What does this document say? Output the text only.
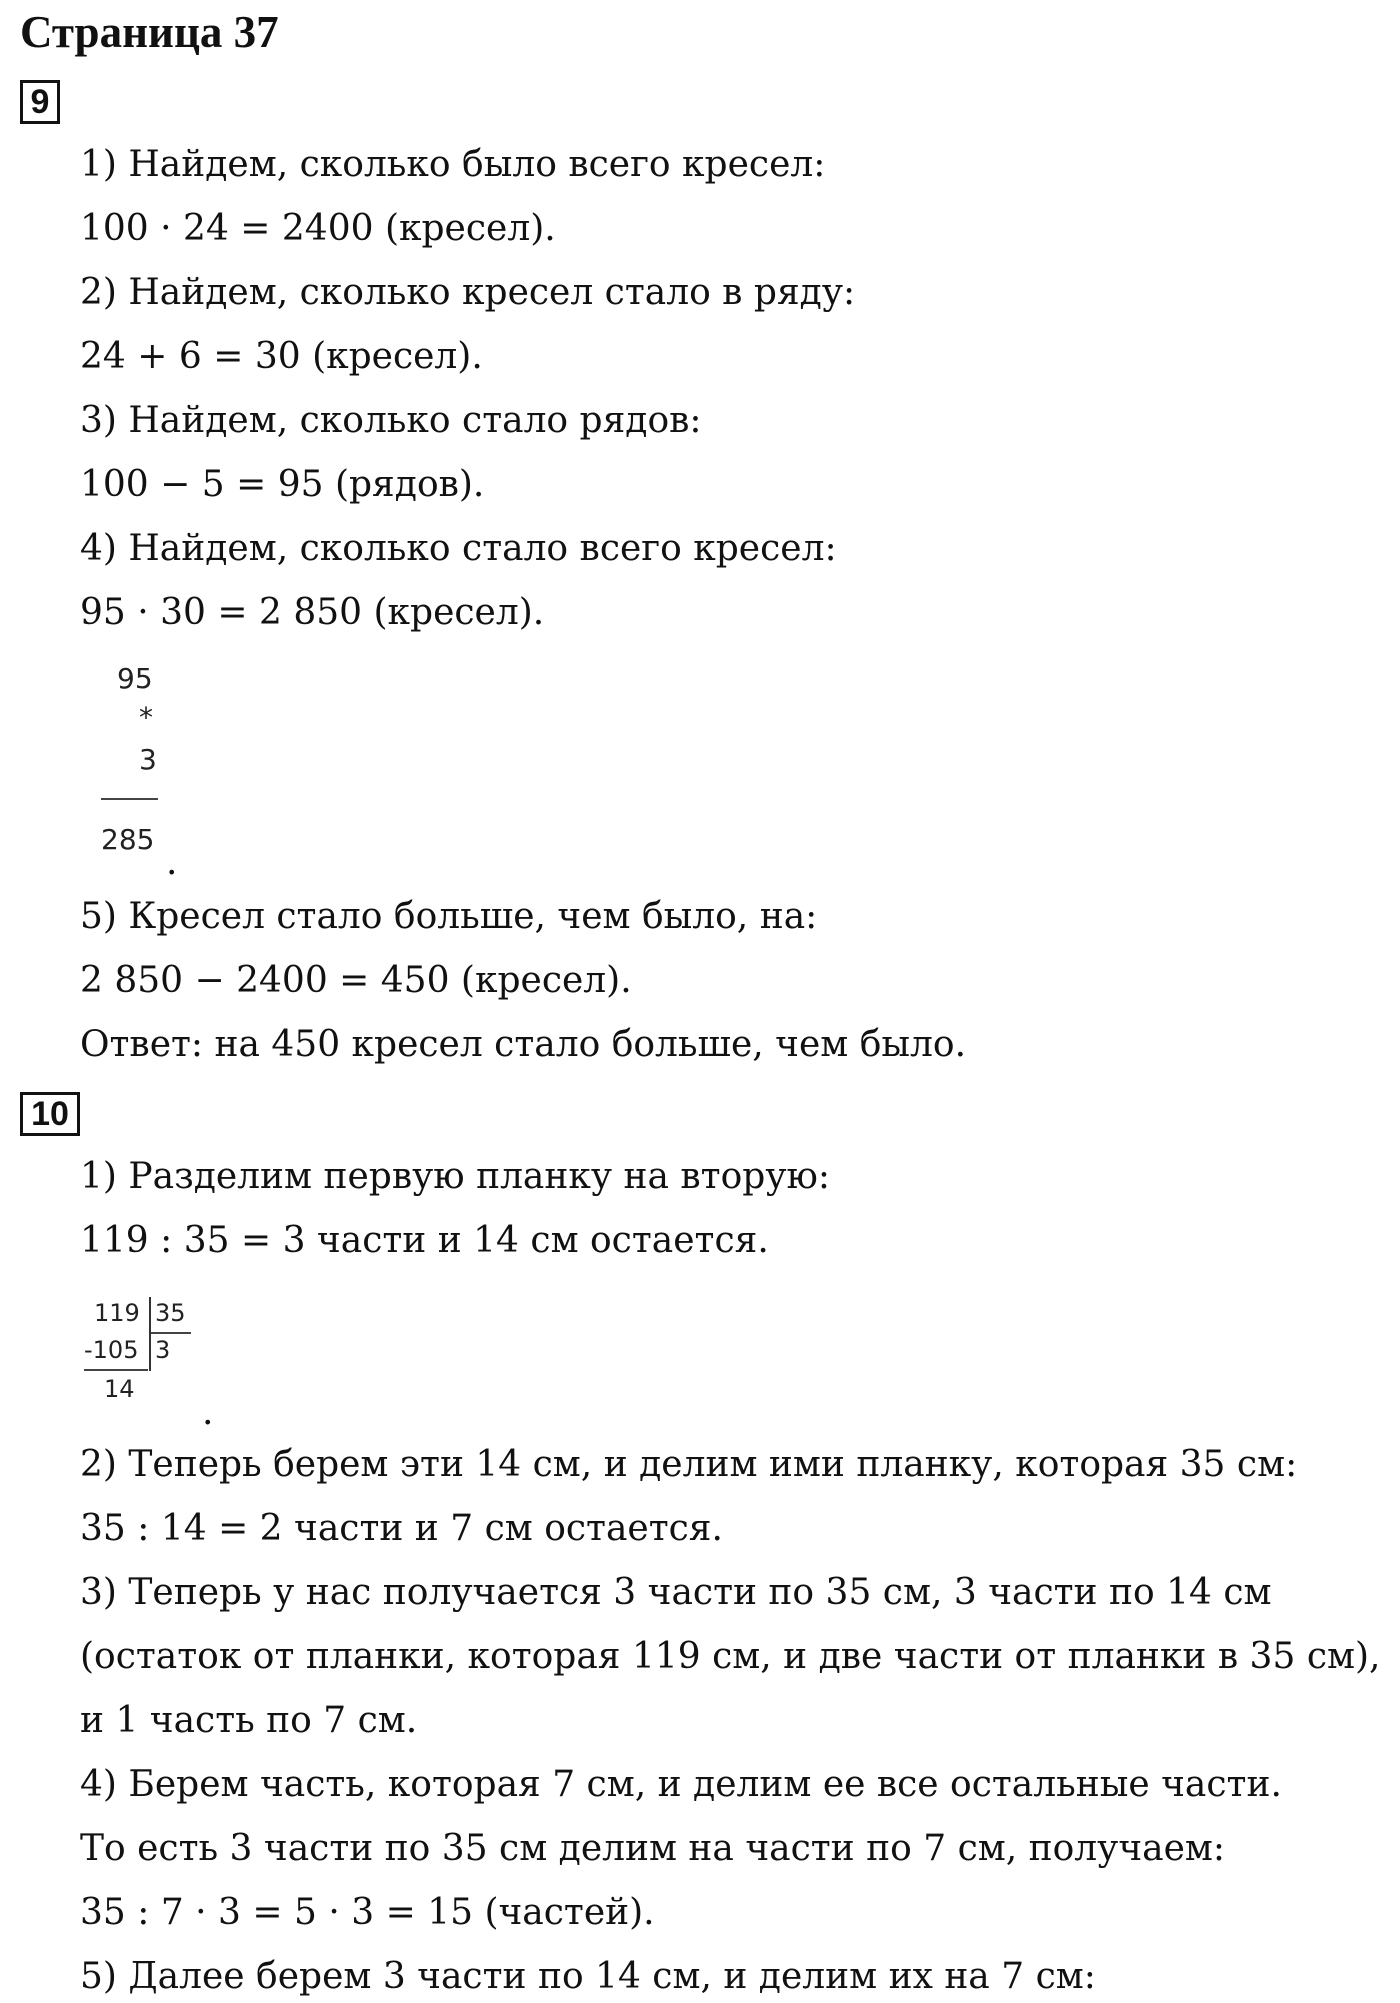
Страница 37
9
1) Найдем, сколько было всего кресел:
100 · 24 = 2400 (кресел).
2) Найдем, сколько кресел стало в ряду:
24 + 6 = 30 (кресел).
3) Найдем, сколько стало рядов:
100 − 5 = 95 (рядов).
4) Найдем, сколько стало всего кресел:
95 · 30 = 2 850 (кресел).
95
*
3
285
.
5) Кресел стало больше, чем было, на:
2 850 − 2400 = 450 (кресел).
Ответ: на 450 кресел стало больше, чем было.
10
1) Разделим первую планку на вторую:
119 : 35 = 3 части и 14 см остается.
119 35
-105 3
14
.
2) Теперь берем эти 14 см, и делим ими планку, которая 35 см:
35 : 14 = 2 части и 7 см остается.
3) Теперь у нас получается 3 части по 35 см, 3 части по 14 см
(остаток от планки, которая 119 см, и две части от планки в 35 см),
и 1 часть по 7 см.
4) Берем часть, которая 7 см, и делим ее все остальные части.
То есть 3 части по 35 см делим на части по 7 см, получаем:
35 : 7 · 3 = 5 · 3 = 15 (частей).
5) Далее берем 3 части по 14 см, и делим их на 7 см:
